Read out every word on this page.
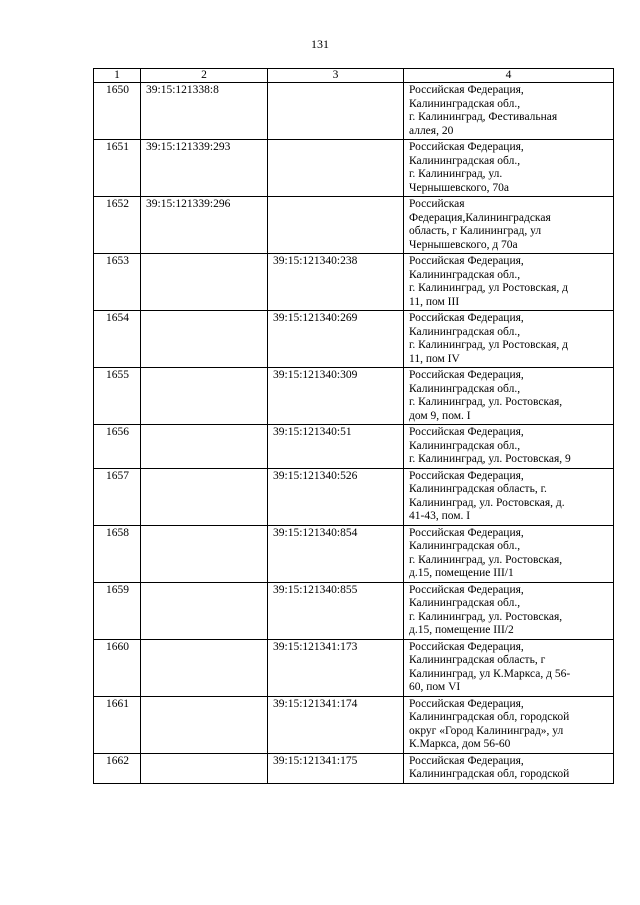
131
1	2	3	4
1650	39:15:121338:8		Российская Федерация,
Калининградская обл.,
г. Калининград, Фестивальная
аллея, 20

1651	39:15:121339:293		Российская Федерация,
Калининградская обл.,
г. Калининград, ул.
Чернышевского, 70а

1652	39:15:121339:296		Российская
Федерация,Калининградская
область, г Калининград, ул
Чернышевского, д 70а

1653		39:15:121340:238	Российская Федерация,
Калининградская обл.,
г. Калининград, ул Ростовская, д
11, пом III

1654		39:15:121340:269	Российская Федерация,
Калининградская обл.,
г. Калининград, ул Ростовская, д
11, пом IV

1655		39:15:121340:309	Российская Федерация,
Калининградская обл.,
г. Калининград, ул. Ростовская,
дом 9, пом. I

1656		39:15:121340:51	Российская Федерация,
Калининградская обл.,
г. Калининград, ул. Ростовская, 9

1657		39:15:121340:526	Российская Федерация,
Калининградская область, г.
Калининград, ул. Ростовская, д.
41-43, пом. I

1658		39:15:121340:854	Российская Федерация,
Калининградская обл.,
г. Калининград, ул. Ростовская,
д.15, помещение III/1

1659		39:15:121340:855	Российская Федерация,
Калининградская обл.,
г. Калининград, ул. Ростовская,
д.15, помещение III/2

1660		39:15:121341:173	Российская Федерация,
Калининградская область, г
Калининград, ул К.Маркса, д 56-
60, пом VI

1661		39:15:121341:174	Российская Федерация,
Калининградская обл, городской
округ «Город Калининград», ул
К.Маркса, дом 56-60

1662		39:15:121341:175	Российская Федерация,
Калининградская обл, городской
